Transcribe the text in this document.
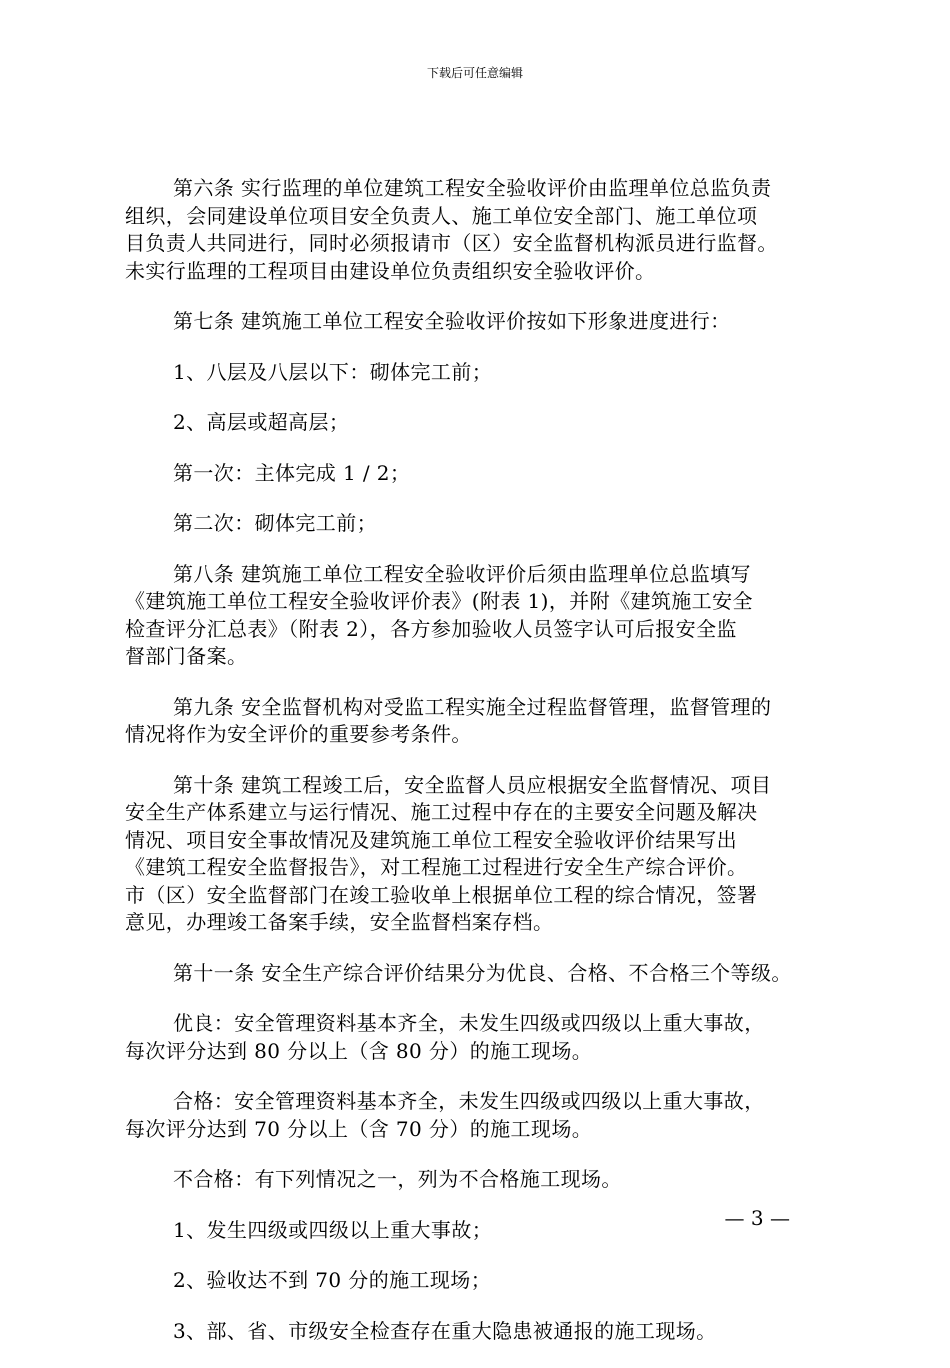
下载后可任意编辑

第六条 实行监理的单位建筑工程安全验收评价由监理单位总监负责
组织，会同建设单位项目安全负责人、施工单位安全部门、施工单位项
目负责人共同进行，同时必须报请市（区）安全监督机构派员进行监督。
未实行监理的工程项目由建设单位负责组织安全验收评价。

第七条 建筑施工单位工程安全验收评价按如下形象进度进行：

1、八层及八层以下：砌体完工前；

2、高层或超高层；

第一次：主体完成 1 / 2；

第二次：砌体完工前；

第八条 建筑施工单位工程安全验收评价后须由监理单位总监填写
《建筑施工单位工程安全验收评价表》(附表 1)，并附《建筑施工安全
检查评分汇总表》（附表 2），各方参加验收人员签字认可后报安全监
督部门备案。

第九条 安全监督机构对受监工程实施全过程监督管理，监督管理的
情况将作为安全评价的重要参考条件。

第十条 建筑工程竣工后，安全监督人员应根据安全监督情况、项目
安全生产体系建立与运行情况、施工过程中存在的主要安全问题及解决
情况、项目安全事故情况及建筑施工单位工程安全验收评价结果写出
《建筑工程安全监督报告》，对工程施工过程进行安全生产综合评价。
市（区）安全监督部门在竣工验收单上根据单位工程的综合情况，签署
意见，办理竣工备案手续，安全监督档案存档。

第十一条 安全生产综合评价结果分为优良、合格、不合格三个等级。

优良：安全管理资料基本齐全，未发生四级或四级以上重大事故，
每次评分达到 80 分以上（含 80 分）的施工现场。

合格：安全管理资料基本齐全，未发生四级或四级以上重大事故，
每次评分达到 70 分以上（含 70 分）的施工现场。

不合格：有下列情况之一，列为不合格施工现场。

1、发生四级或四级以上重大事故；

2、验收达不到 70 分的施工现场；

3、部、省、市级安全检查存在重大隐患被通报的施工现场。

— 3 —
